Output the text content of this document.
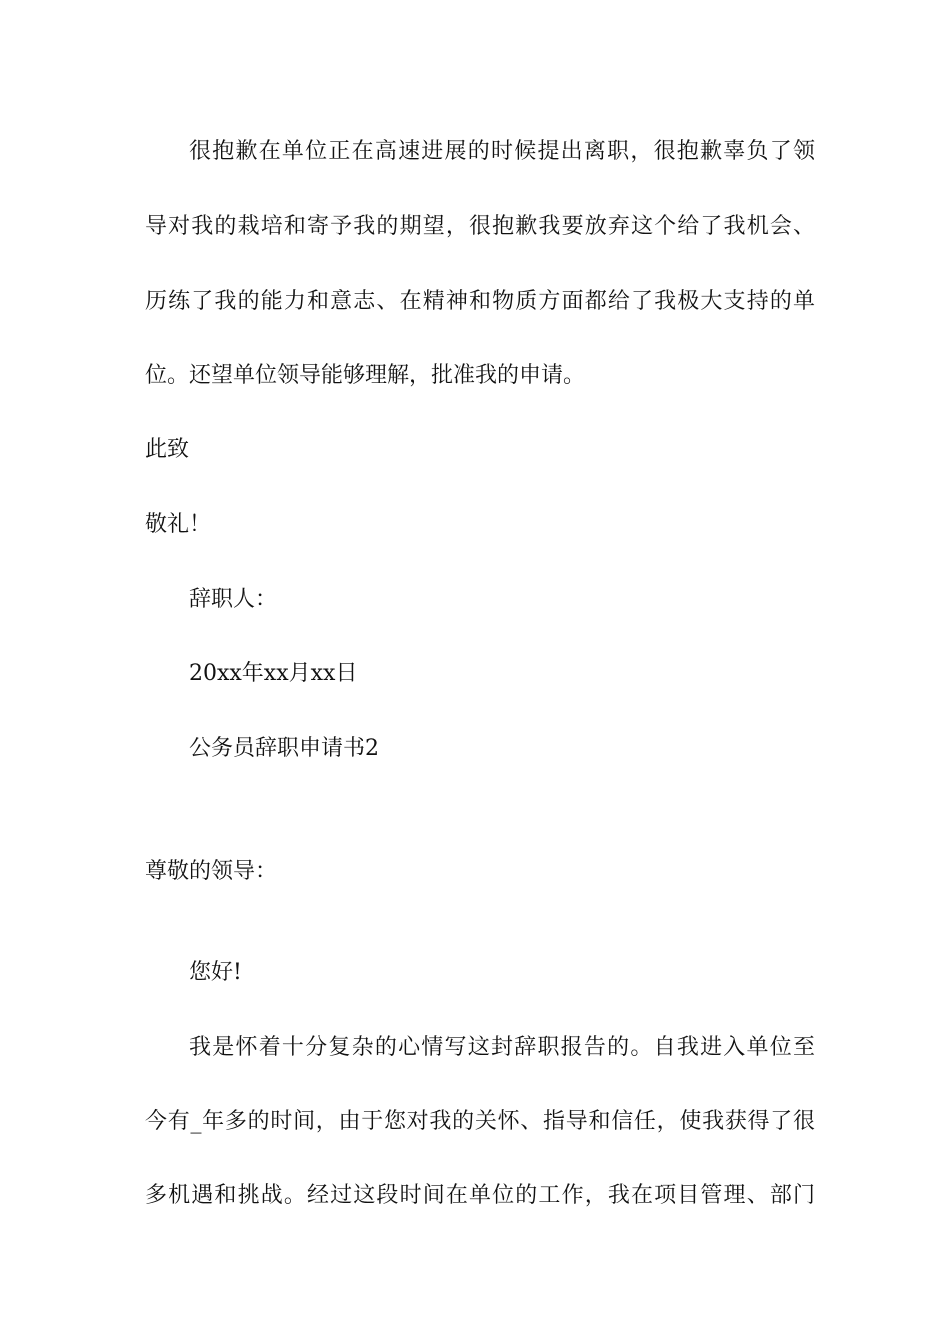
很抱歉在单位正在高速进展的时候提出离职，很抱歉辜负了领
导对我的栽培和寄予我的期望，很抱歉我要放弃这个给了我机会、
历练了我的能力和意志、在精神和物质方面都给了我极大支持的单
位。还望单位领导能够理解，批准我的申请。
此致
敬礼！
辞职人：
20xx年xx月xx日
公务员辞职申请书2
尊敬的领导：
您好!
我是怀着十分复杂的心情写这封辞职报告的。自我进入单位至
今有_年多的时间，由于您对我的关怀、指导和信任，使我获得了很
多机遇和挑战。经过这段时间在单位的工作，我在项目管理、部门
